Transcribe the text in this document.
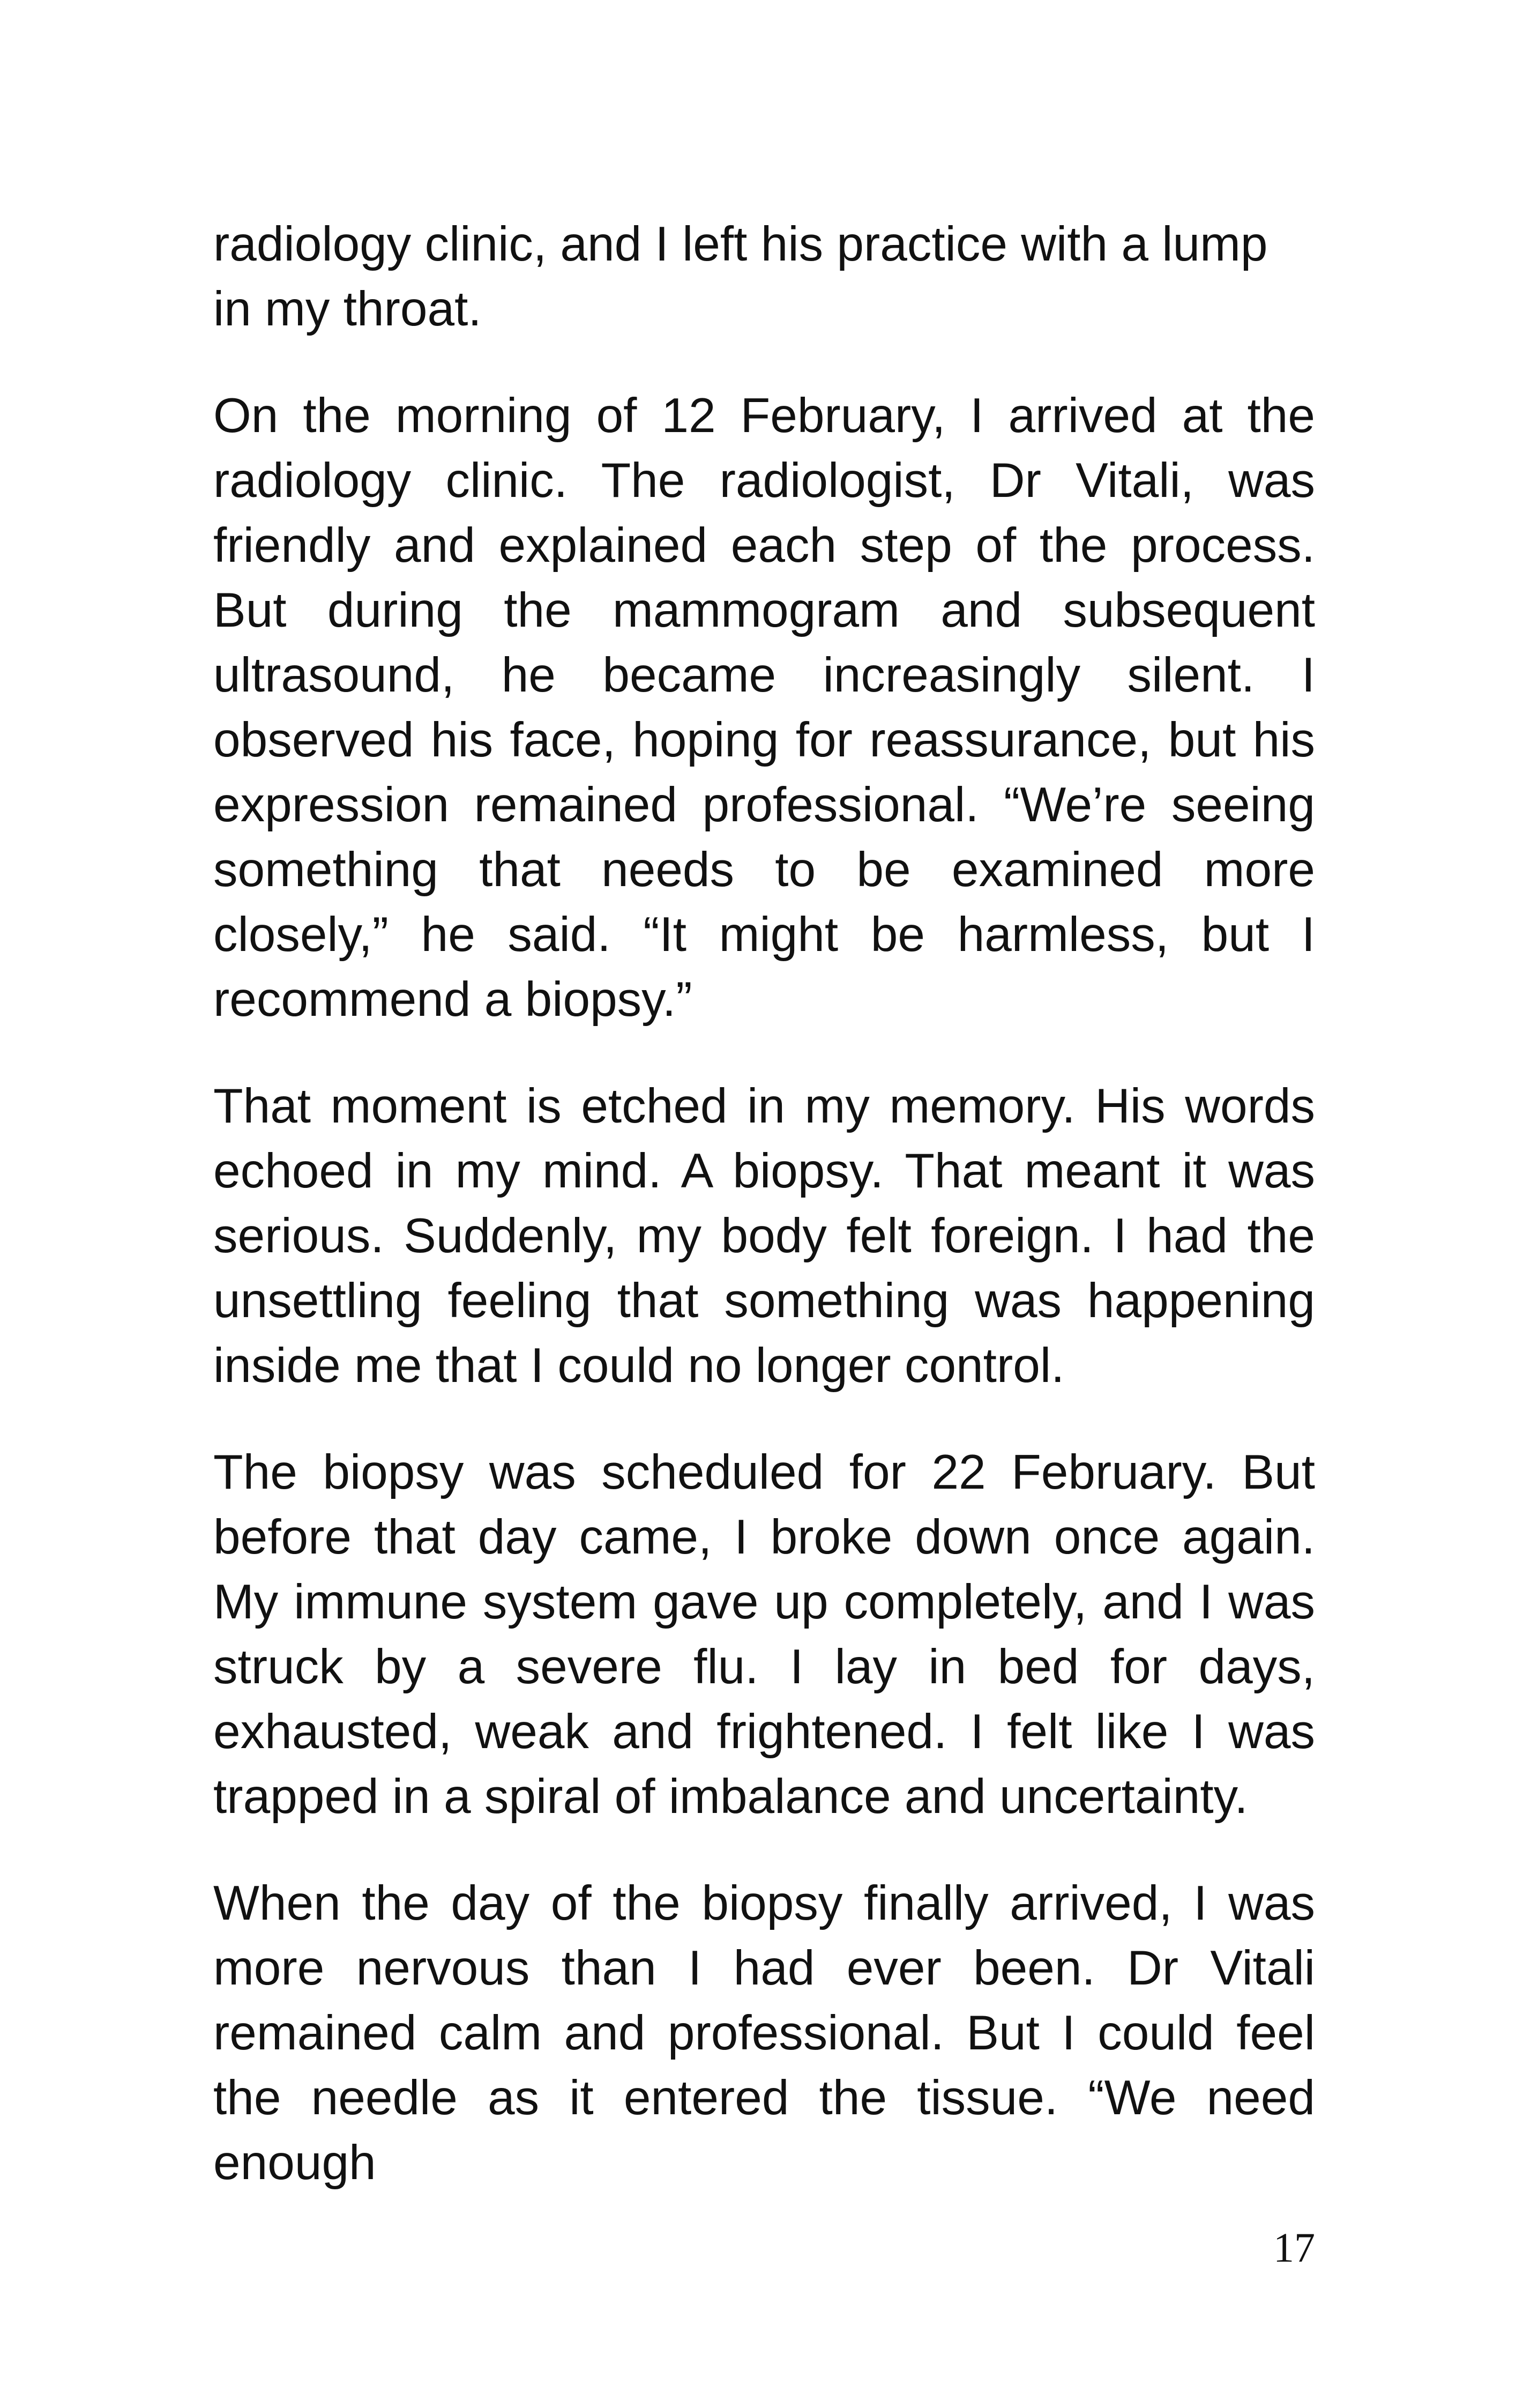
radiology clinic, and I left his practice with a lump in my throat.

On the morning of 12 February, I arrived at the radiology clinic. The radiologist, Dr Vitali, was friendly and explained each step of the process. But during the mammogram and subsequent ultrasound, he became increasingly silent. I observed his face, hoping for reassurance, but his expression remained professional. “We’re seeing something that needs to be examined more closely,” he said. “It might be harmless, but I recommend a biopsy.”

That moment is etched in my memory. His words echoed in my mind. A biopsy. That meant it was serious. Suddenly, my body felt foreign. I had the unsettling feeling that something was happening inside me that I could no longer control.

The biopsy was scheduled for 22 February. But before that day came, I broke down once again. My immune system gave up completely, and I was struck by a severe flu. I lay in bed for days, exhausted, weak and frightened. I felt like I was trapped in a spiral of imbalance and uncertainty.

When the day of the biopsy finally arrived, I was more nervous than I had ever been. Dr Vitali remained calm and professional. But I could feel the needle as it entered the tissue. “We need enough

17
